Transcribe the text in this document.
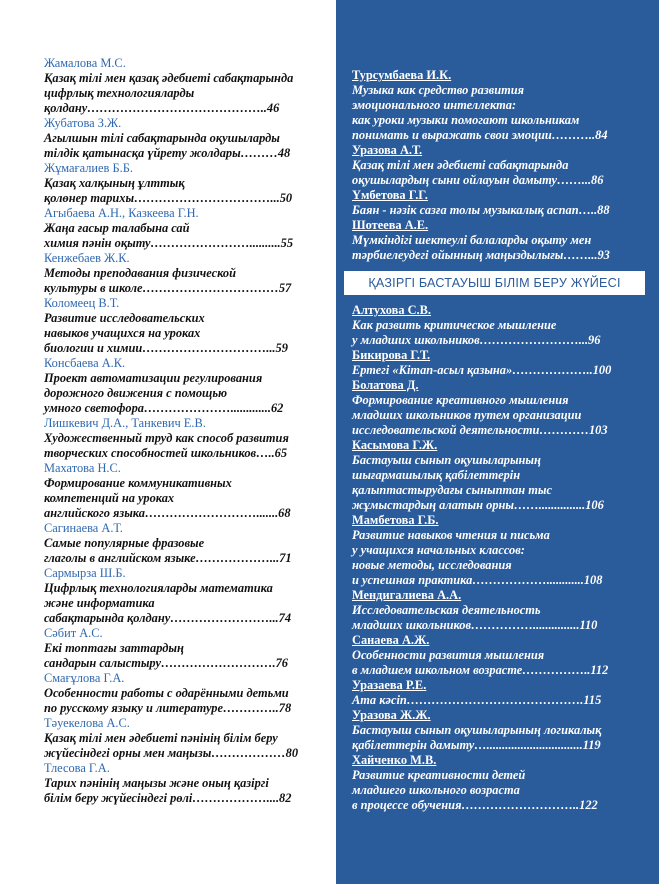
Жамалова М.С.
Қазақ тілі мен қазақ әдебиеті сабақтарында
цифрлық технологияларды
қолдану……………………………………..46
Жубатова З.Ж.
Агылшын тілі сабақтарында оқушыларды
тілдік қатынасқа үйрету жолдары………48
Жұмағалиев Б.Б.
Қазақ халқының ұлттық
қолөнер тарихы……………………………...50
Агыбаева А.Н., Казкеева Г.Н.
Жаңа ғасыр талабына сай
химия пәнін оқыту……………………..........55
Кенжебаев Ж.К.
Методы преподавания физической
культуры в школе……………………………57
Коломеец В.Т.
Развитие исследовательских
навыков учащихся на уроках
биологии и химии…………………………...59
Консбаева А.К.
Проект автоматизации регулирования
дорожного движения с помощью
умного светофора………………….............62
Лишкевич Д.А., Танкевич Е.В.
Художественный труд как способ развития
творческих способностей школьников…..65
Махатова Н.С.
Формирование коммуникативных
компетенций на уроках
английского языка……………………….......68
Сагинаева А.Т.
Самые популярные фразовые
глаголы в английском языке………………...71
Сармырза Ш.Б.
Цифрлық технологияларды математика
және информатика
сабақтарында қолдану……………………...74
Сәбит А.С.
Екі топтағы заттардың
сандарын салыстыру……………………….76
Смағұлова Г.А.
Особенности работы с одарёнными детьми
по русскому языку и литературе…………..78
Тәуекелова А.С.
Қазақ тілі мен әдебиеті пәнінің білім беру
жүйесіндегі орны мен маңызы………………80
Тлесова Г.А.
Тарих пәнінің маңызы және оның қазіргі
білім беру жүйесіндегі рөлі………………....82
Турсумбаева И.К.
Музыка как средство развития
эмоционального интеллекта:
как уроки музыки помогают школьникам
понимать и выражать свои эмоции………..84
Уразова А.Т.
Қазақ тілі мен әдебиеті сабақтарында
оқушылардың сыни ойлауын дамыту……...86
Үмбетова Г.Г.
Баян - нәзік сазға толы музыкалық аспап…..88
Шотеева А.Е.
Мүмкіндігі шектеулі балаларды оқыту мен
тәрбиелеудегі ойынның маңыздылығы……...93
ҚАЗІРГІ БАСТАУЫШ БІЛІМ БЕРУ ЖҮЙЕСІ
Алтухова С.В.
Как развить критическое мышление
у младших школьников……………………...96
Бикирова Г.Т.
Ертегі «Кітап-асыл қазына»………………..100
Болатова Д.
Формирование креативного мышления
младших школьников путем организации
исследовательской деятельности…………103
Касымова Г.Ж.
Бастауыш сынып оқушыларының
шығармашылық қабілеттерін
қалыптастырудағы сыныптан тыс
жұмыстардың алатын орны……...............106
Мамбетова Г.Б.
Развитие навыков чтения и письма
у учащихся начальных классов:
новые методы, исследования
и успешная практика………………............108
Мендигалиева А.А.
Исследовательская деятельность
младших школьников……………...............110
Санаева А.Ж.
Особенности развития мышления
в младшем школьном возрасте……………..112
Уразаева Р.Е.
Ата кәсіп…………………………………….115
Уразова Ж.Ж.
Бастауыш сынып оқушыларының логикалық
қабілеттерін дамыту…...............................119
Хайченко М.В.
Развитие креативности детей
младшего школьного возраста
в процессе обучения………………………..122
